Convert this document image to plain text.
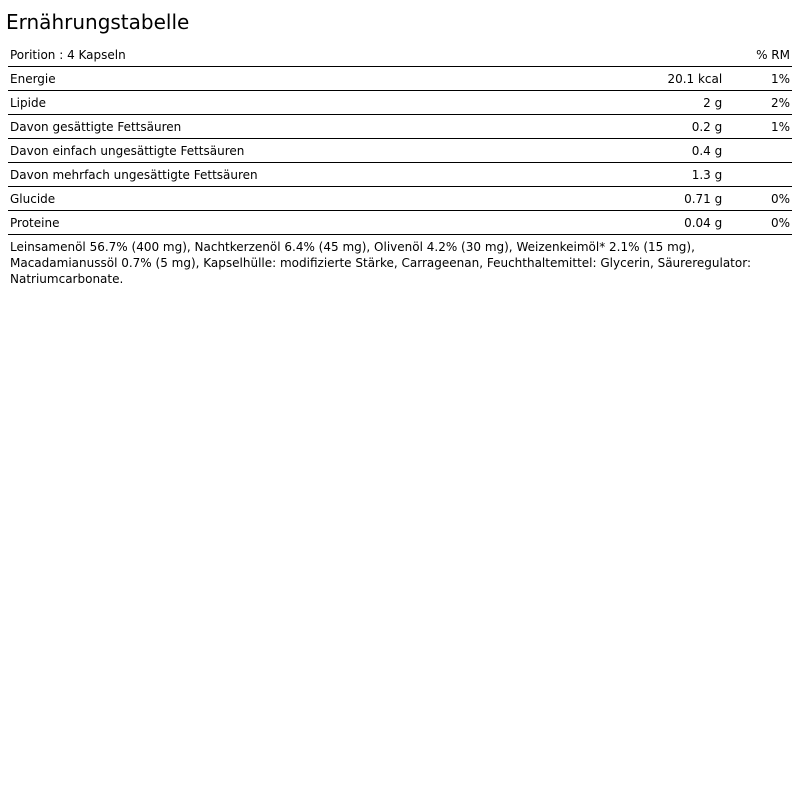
Ernährungstabelle
Porition : 4 Kapseln			% RM
Energie	20.1 kcal		1%
Lipide	2 g		2%
Davon gesättigte Fettsäuren	0.2 g		1%
Davon einfach ungesättigte Fettsäuren	0.4 g		
Davon mehrfach ungesättigte Fettsäuren	1.3 g		
Glucide	0.71 g		0%
Proteine	0.04 g		0%
Leinsamenöl 56.7% (400 mg), Nachtkerzenöl 6.4% (45 mg), Olivenöl 4.2% (30 mg), Weizenkeimöl* 2.1% (15 mg), Macadamianussöl 0.7% (5 mg), Kapselhülle: modifizierte Stärke, Carrageenan, Feuchthaltemittel: Glycerin, Säureregulator: Natriumcarbonate.
